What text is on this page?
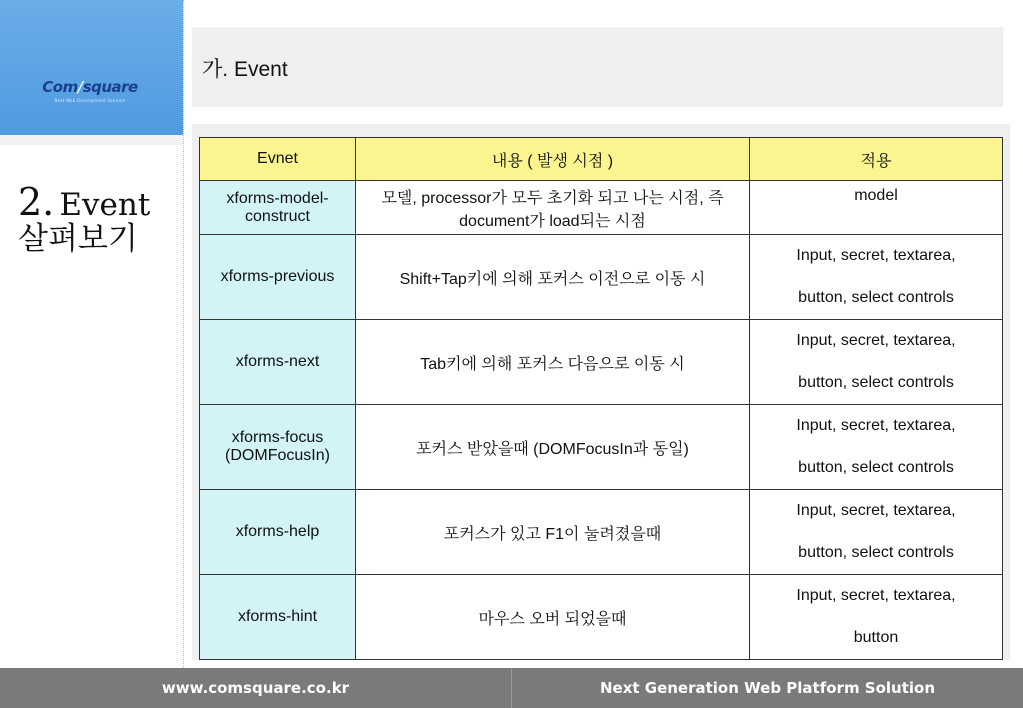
Com/square
Next Web Development Solution
2. Event
살펴보기
가. Event
Evnet	내용 ( 발생 시점 )	적용
xforms-model-construct	모델, processor가 모두 초기화 되고 나는 시점, 즉 document가 load되는 시점	model
xforms-previous	Shift+Tap키에 의해 포커스 이전으로 이동 시	Input, secret, textarea,
button, select controls

xforms-next	Tab키에 의해 포커스 다음으로 이동 시	Input, secret, textarea,
button, select controls

xforms-focus (DOMFocusIn)	포커스 받았을때 (DOMFocusIn과 동일)	Input, secret, textarea,
button, select controls

xforms-help	포커스가 있고 F1이 눌려졌을때	Input, secret, textarea,
button, select controls

xforms-hint	마우스 오버 되었을때	Input, secret, textarea,
button
www.comsquare.co.kr	Next Generation Web Platform Solution
